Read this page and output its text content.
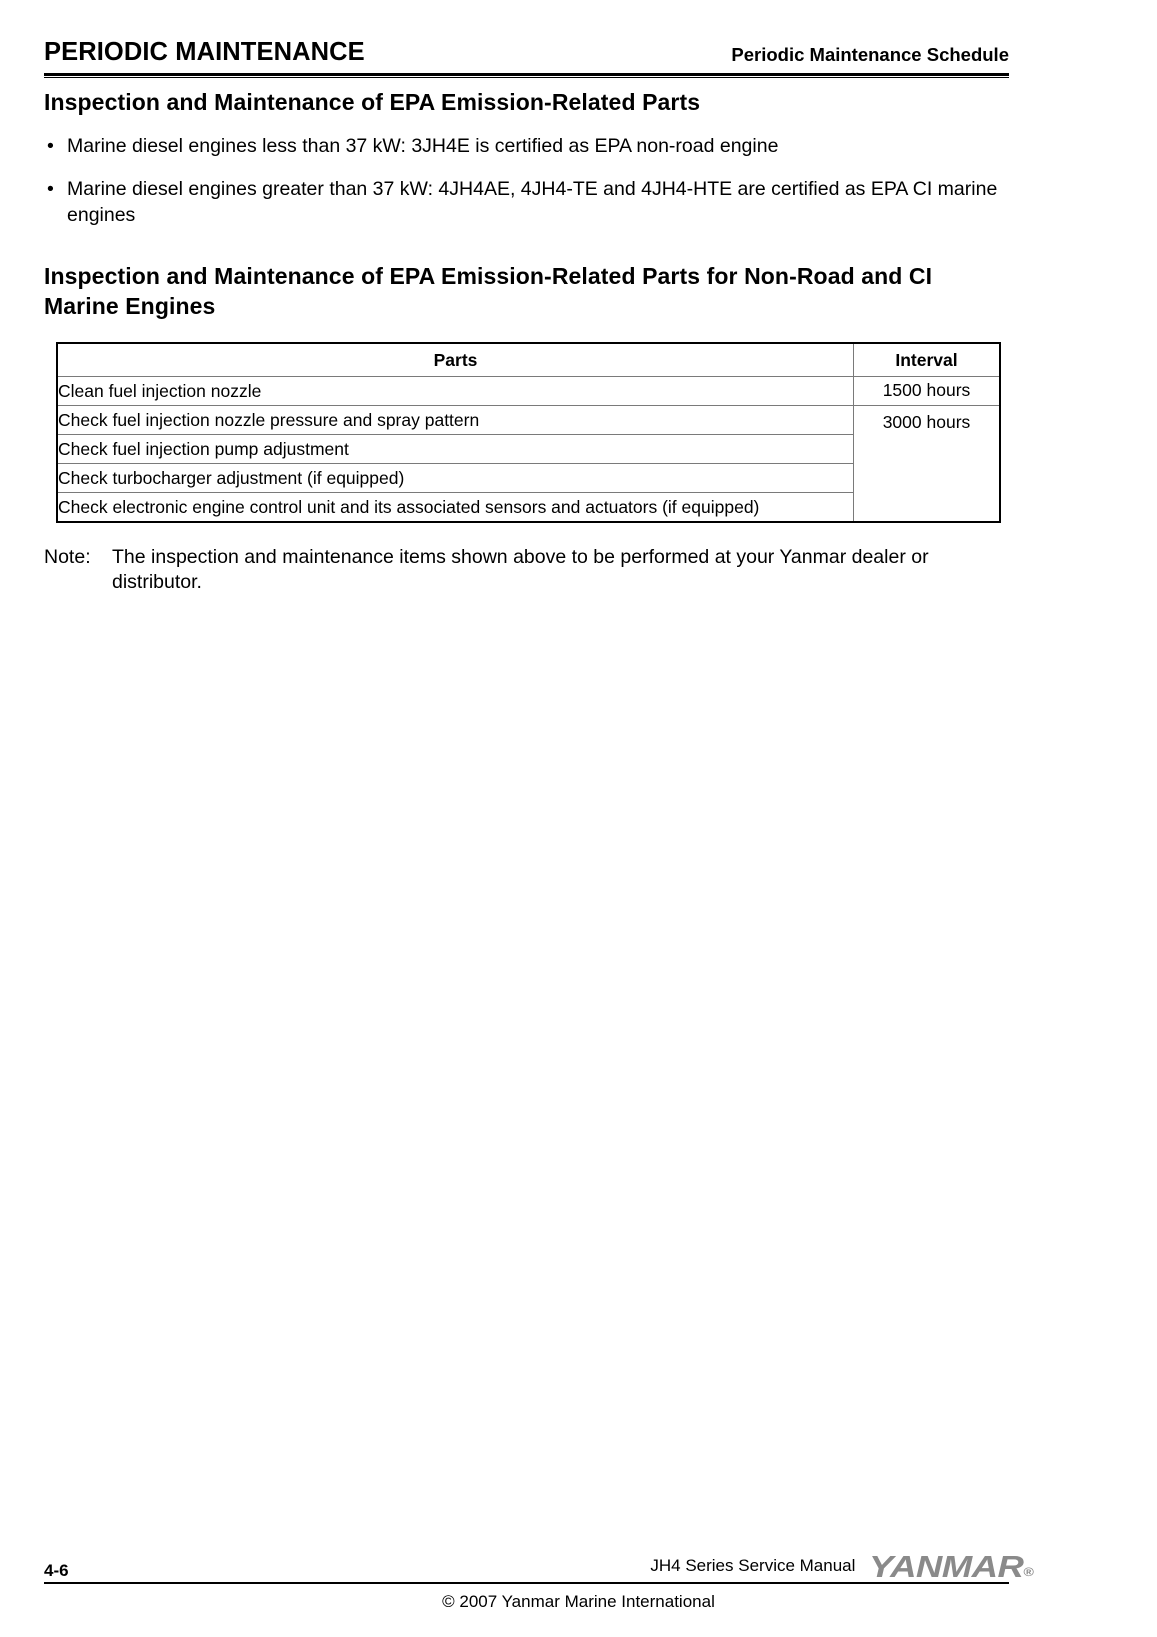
PERIODIC MAINTENANCE	Periodic Maintenance Schedule
Inspection and Maintenance of EPA Emission-Related Parts
• Marine diesel engines less than 37 kW: 3JH4E is certified as EPA non-road engine
• Marine diesel engines greater than 37 kW: 4JH4AE, 4JH4-TE and 4JH4-HTE are certified as EPA CI marine engines
Inspection and Maintenance of EPA Emission-Related Parts for Non-Road and CI Marine Engines
Parts	Interval
Clean fuel injection nozzle	1500 hours
Check fuel injection nozzle pressure and spray pattern	3000 hours
Check fuel injection pump adjustment	
Check turbocharger adjustment (if equipped)	
Check electronic engine control unit and its associated sensors and actuators (if equipped)	
Note:	The inspection and maintenance items shown above to be performed at your Yanmar dealer or distributor.
4-6	JH4 Series Service Manual YANMAR®
© 2007 Yanmar Marine International
